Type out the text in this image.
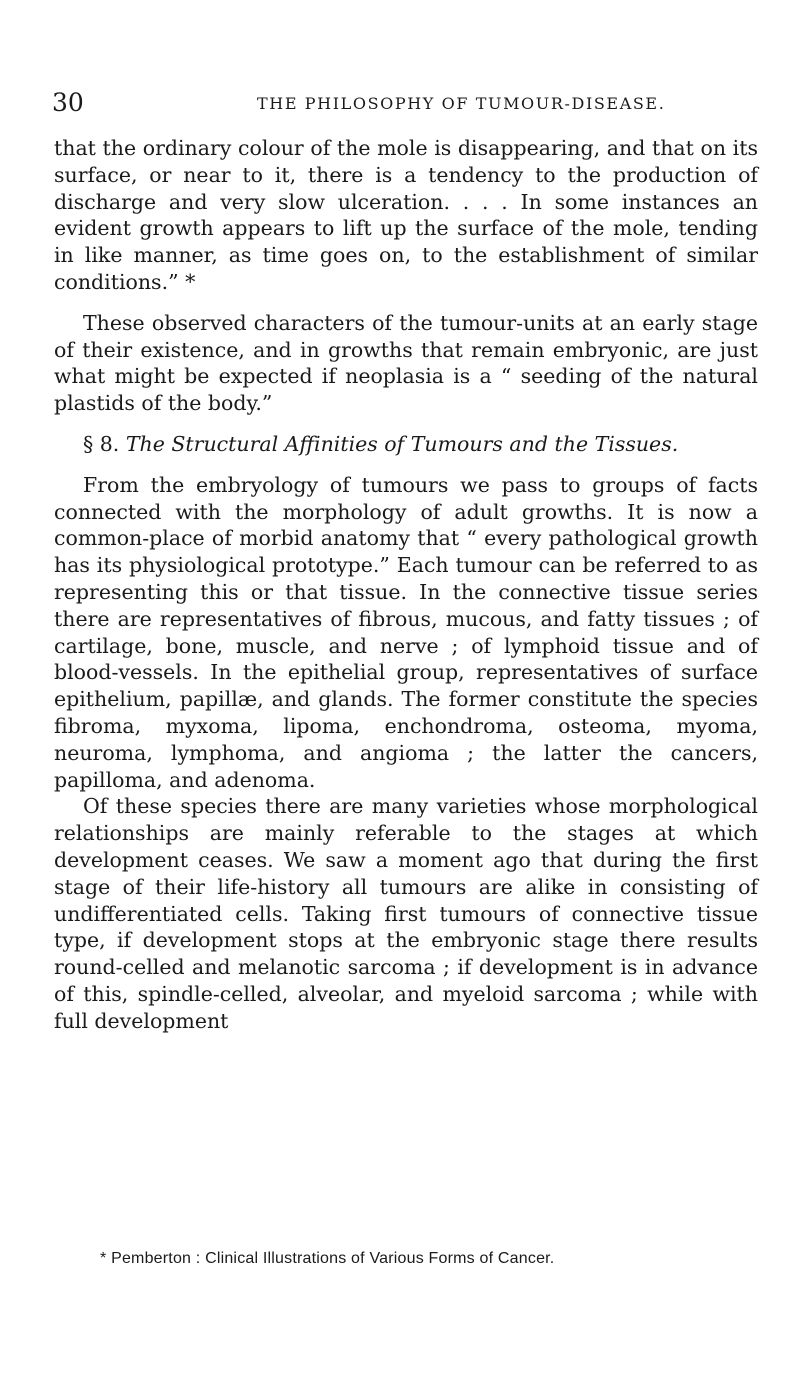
30	THE PHILOSOPHY OF TUMOUR-DISEASE.

that the ordinary colour of the mole is disappearing, and that on its surface, or near to it, there is a tendency to the production of discharge and very slow ulceration. . . . In some instances an evident growth appears to lift up the surface of the mole, tending in like manner, as time goes on, to the establishment of similar conditions.” *

These observed characters of the tumour-units at an early stage of their existence, and in growths that remain embryonic, are just what might be expected if neoplasia is a “ seeding of the natural plastids of the body.”

§ 8. The Structural Affinities of Tumours and the Tissues.

From the embryology of tumours we pass to groups of facts connected with the morphology of adult growths. It is now a common-place of morbid anatomy that “ every pathological growth has its physiological prototype.” Each tumour can be referred to as representing this or that tissue. In the connective tissue series there are representatives of fibrous, mucous, and fatty tissues ; of cartilage, bone, muscle, and nerve ; of lymphoid tissue and of blood-vessels. In the epithelial group, representatives of surface epithelium, papillæ, and glands. The former constitute the species fibroma, myxoma, lipoma, enchondroma, osteoma, myoma, neuroma, lymphoma, and angioma ; the latter the cancers, papilloma, and adenoma.

Of these species there are many varieties whose morphological relationships are mainly referable to the stages at which development ceases. We saw a moment ago that during the first stage of their life-history all tumours are alike in consisting of undifferentiated cells. Taking first tumours of connective tissue type, if development stops at the embryonic stage there results round-celled and melanotic sarcoma ; if development is in advance of this, spindle-celled, alveolar, and myeloid sarcoma ; while with full development

* Pemberton : Clinical Illustrations of Various Forms of Cancer.
